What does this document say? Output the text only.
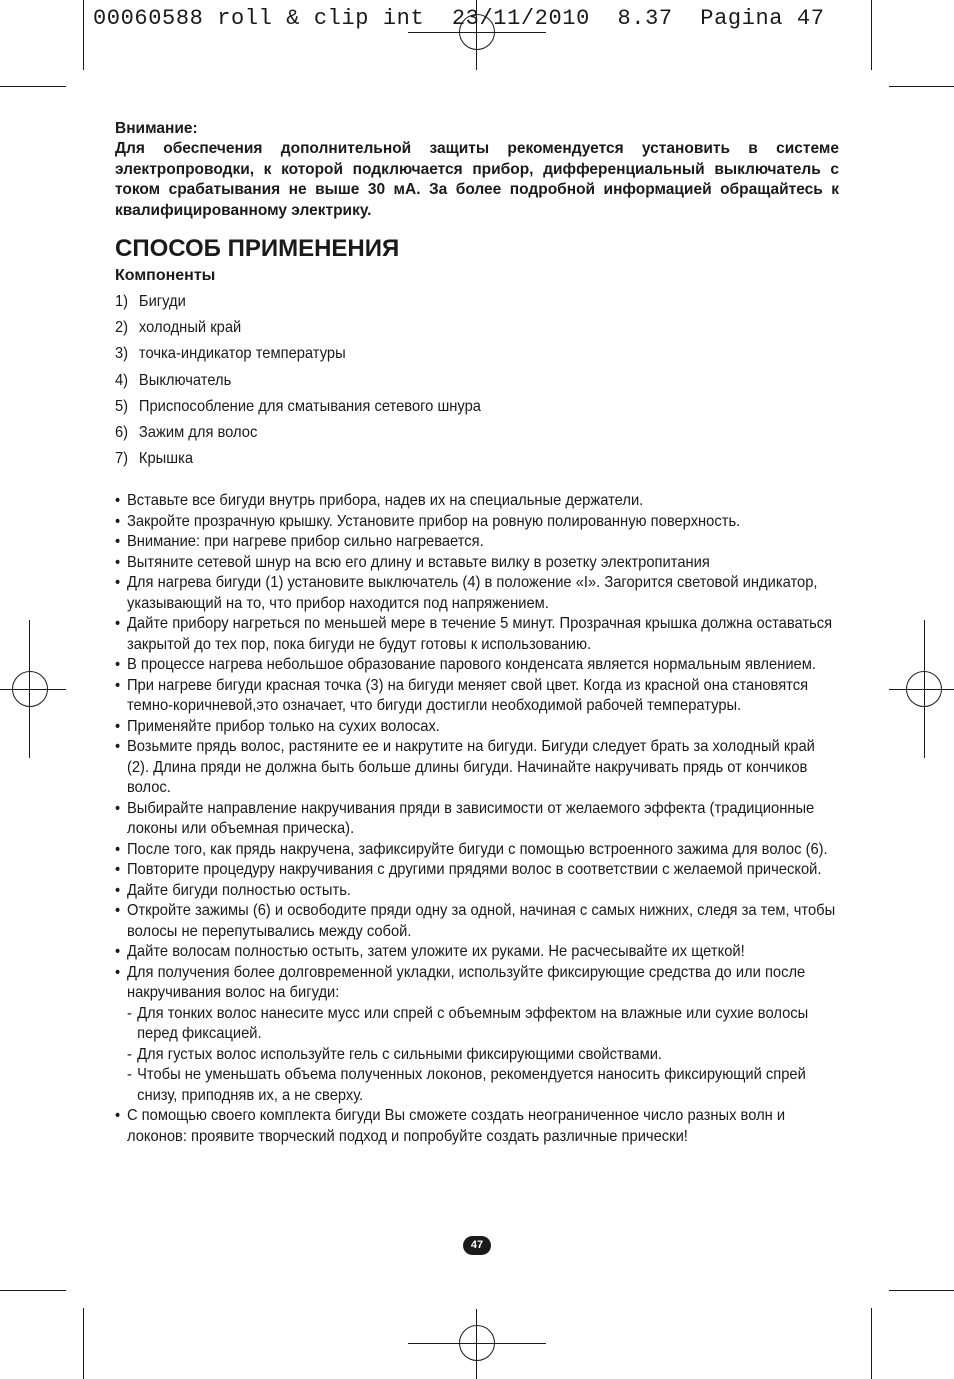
00060588 roll & clip int  23/11/2010  8.37  Pagina 47

Внимание:

Для обеспечения дополнительной защиты рекомендуется установить в системе электропроводки, к которой подключается прибор, дифференциальный выключатель с током срабатывания не выше 30 мА. За более подробной информацией обращайтесь к квалифицированному электрику.

СПОСОБ ПРИМЕНЕНИЯ
Компоненты
1) Бигуди
2) холодный край
3) точка-индикатор температуры
4) Выключатель
5) Приспособление для сматывания сетевого шнура
6) Зажим для волос
7) Крышка
• Вставьте все бигуди внутрь прибора, надев их на специальные держатели.
• Закройте прозрачную крышку. Установите прибор на ровную полированную поверхность.
• Внимание: при нагреве прибор сильно нагревается.
• Вытяните сетевой шнур на всю его длину и вставьте вилку в розетку электропитания
• Для нагрева бигуди (1) установите выключатель (4) в положение «I». Загорится световой индикатор, указывающий на то, что прибор находится под напряжением.
• Дайте прибору нагреться по меньшей мере в течение 5 минут. Прозрачная крышка должна оставаться закрытой до тех пор, пока бигуди не будут готовы к использованию.
• В процессе нагрева небольшое образование парового конденсата является нормальным явлением.
• При нагреве бигуди красная точка (3) на бигуди меняет свой цвет. Когда из красной она становятся темно-коричневой,это означает, что бигуди достигли необходимой рабочей температуры.
• Применяйте прибор только на сухих волосах.
• Возьмите прядь волос, растяните ее и накрутите на бигуди. Бигуди следует брать за холодный край (2). Длина пряди не должна быть больше длины бигуди. Начинайте накручивать прядь от кончиков волос.
• Выбирайте направление накручивания пряди в зависимости от желаемого эффекта (традиционные локоны или объемная прическа).
• После того, как прядь накручена, зафиксируйте бигуди с помощью встроенного зажима для волос (6).
• Повторите процедуру накручивания с другими прядями волос в соответствии с желаемой прической.
• Дайте бигуди полностью остыть.
• Откройте зажимы (6) и освободите пряди одну за одной, начиная с самых нижних, следя за тем, чтобы волосы не перепутывались между собой.
• Дайте волосам полностью остыть, затем уложите их руками. Не расчесывайте их щеткой!
• Для получения более долговременной укладки, используйте фиксирующие средства до или после накручивания волос на бигуди:
- Для тонких волос нанесите мусс или спрей с объемным эффектом на влажные или сухие волосы перед фиксацией.
- Для густых волос используйте гель с сильными фиксирующими свойствами.
- Чтобы не уменьшать объема полученных локонов, рекомендуется наносить фиксирующий спрей снизу, приподняв их, а не сверху.
• С помощью своего комплекта бигуди Вы сможете создать неограниченное число разных волн и локонов: проявите творческий подход и попробуйте создать различные прически!
47
